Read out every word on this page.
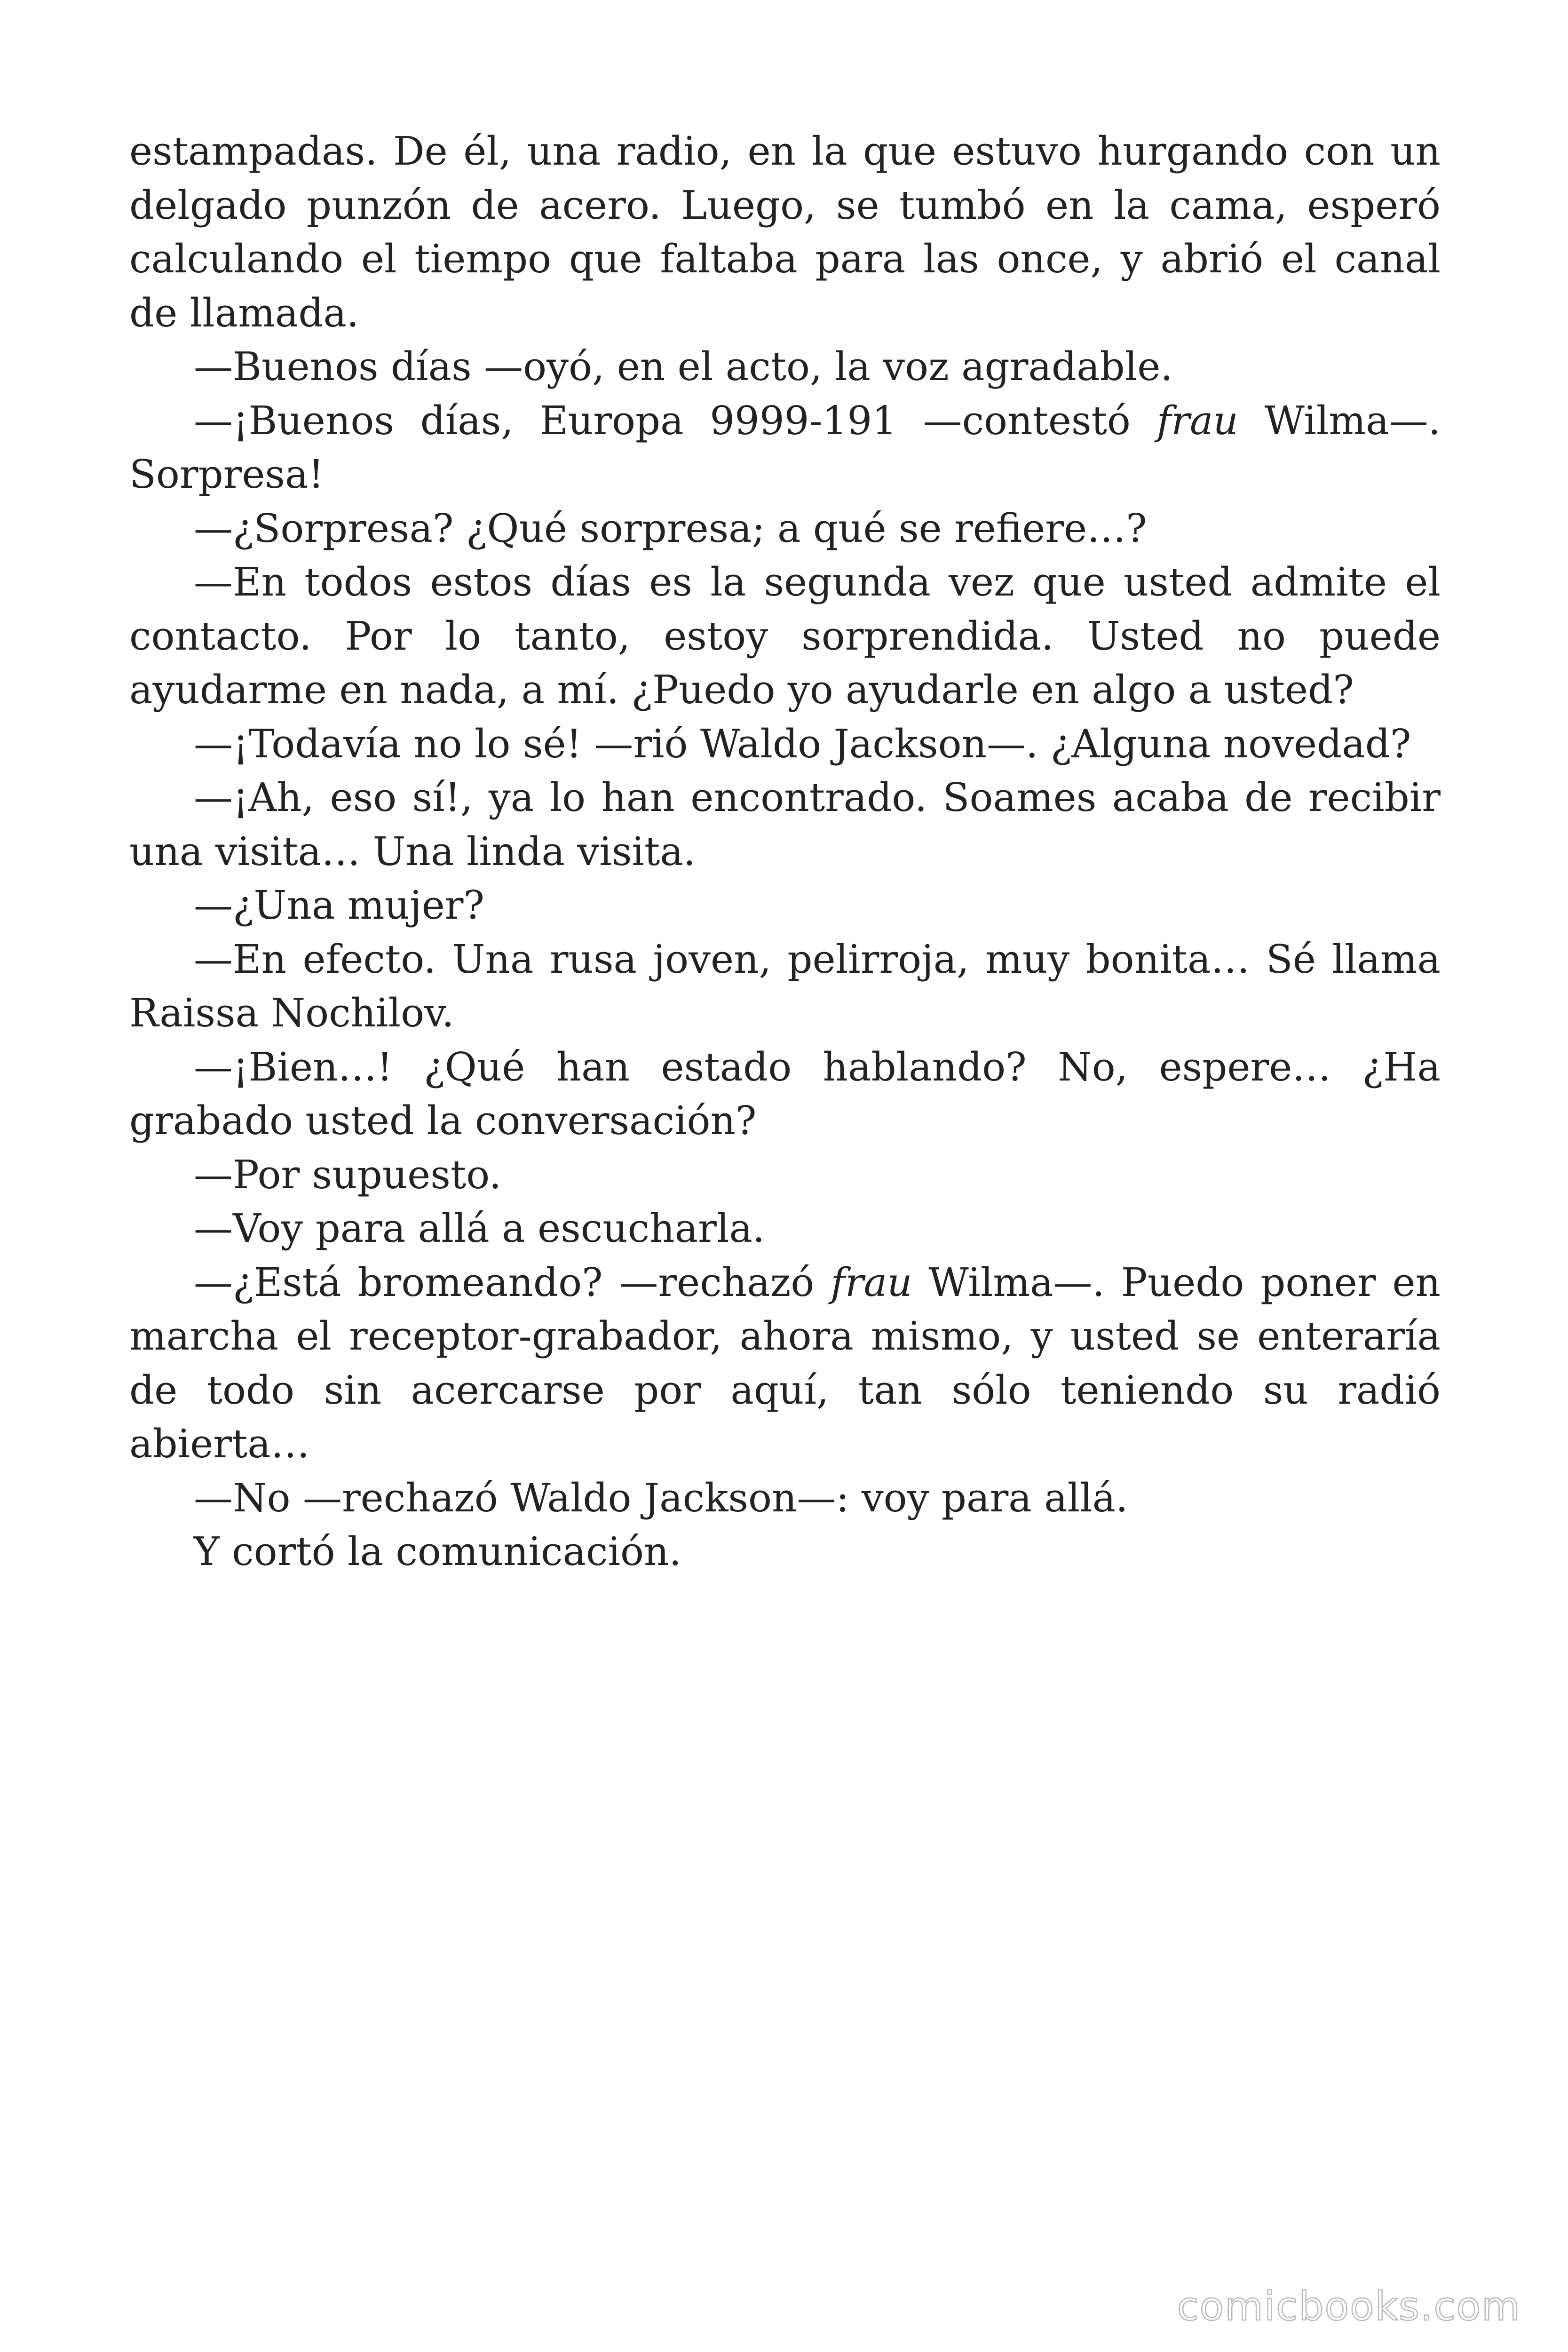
estampadas. De él, una radio, en la que estuvo hurgando con un delgado punzón de acero. Luego, se tumbó en la cama, esperó calculando el tiempo que faltaba para las once, y abrió el canal de llamada.

—Buenos días —oyó, en el acto, la voz agradable.

—¡Buenos días, Europa 9999-191 —contestó frau Wilma—. Sorpresa!

—¿Sorpresa? ¿Qué sorpresa; a qué se refiere…?

—En todos estos días es la segunda vez que usted admite el contacto. Por lo tanto, estoy sorprendida. Usted no puede ayudarme en nada, a mí. ¿Puedo yo ayudarle en algo a usted?

—¡Todavía no lo sé! —rió Waldo Jackson—. ¿Alguna novedad?

—¡Ah, eso sí!, ya lo han encontrado. Soames acaba de recibir una visita… Una linda visita.

—¿Una mujer?

—En efecto. Una rusa joven, pelirroja, muy bonita… Sé llama Raissa Nochilov.

—¡Bien…! ¿Qué han estado hablando? No, espere… ¿Ha grabado usted la conversación?

—Por supuesto.

—Voy para allá a escucharla.

—¿Está bromeando? —rechazó frau Wilma—. Puedo poner en marcha el receptor-grabador, ahora mismo, y usted se enteraría de todo sin acercarse por aquí, tan sólo teniendo su radió abierta…

—No —rechazó Waldo Jackson—: voy para allá.

Y cortó la comunicación.

comicbooks.com
